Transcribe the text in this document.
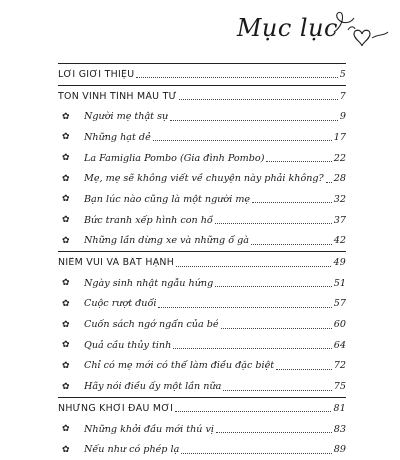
Mục lục
LỜI GIỚI THIỆU	5
TÔN VINH TÌNH MẪU TỬ	7
✿ Người mẹ thật sự	9
✿ Những hạt dẻ	17
✿ La Famiglia Pombo (Gia đình Pombo)	22
✿ Mẹ, mẹ sẽ không viết về chuyện này phải không? 28
✿ Bạn lúc nào cũng là một người mẹ	32
✿ Bức tranh xếp hình con hổ	37
✿ Những lần dừng xe và những ổ gà	42
NIỀM VUI VÀ BẤT HẠNH	49
✿ Ngày sinh nhật ngẫu hứng	51
✿ Cuộc rượt đuổi	57
✿ Cuốn sách ngớ ngẩn của bé	60
✿ Quả cầu thủy tinh	64
✿ Chỉ có mẹ mới có thể làm điều đặc biệt	72
✿ Hãy nói điều ấy một lần nữa	75
NHỮNG KHỞI ĐẦU MỚI	81
✿ Những khởi đầu mới thú vị	83
✿ Nếu như có phép lạ	89
